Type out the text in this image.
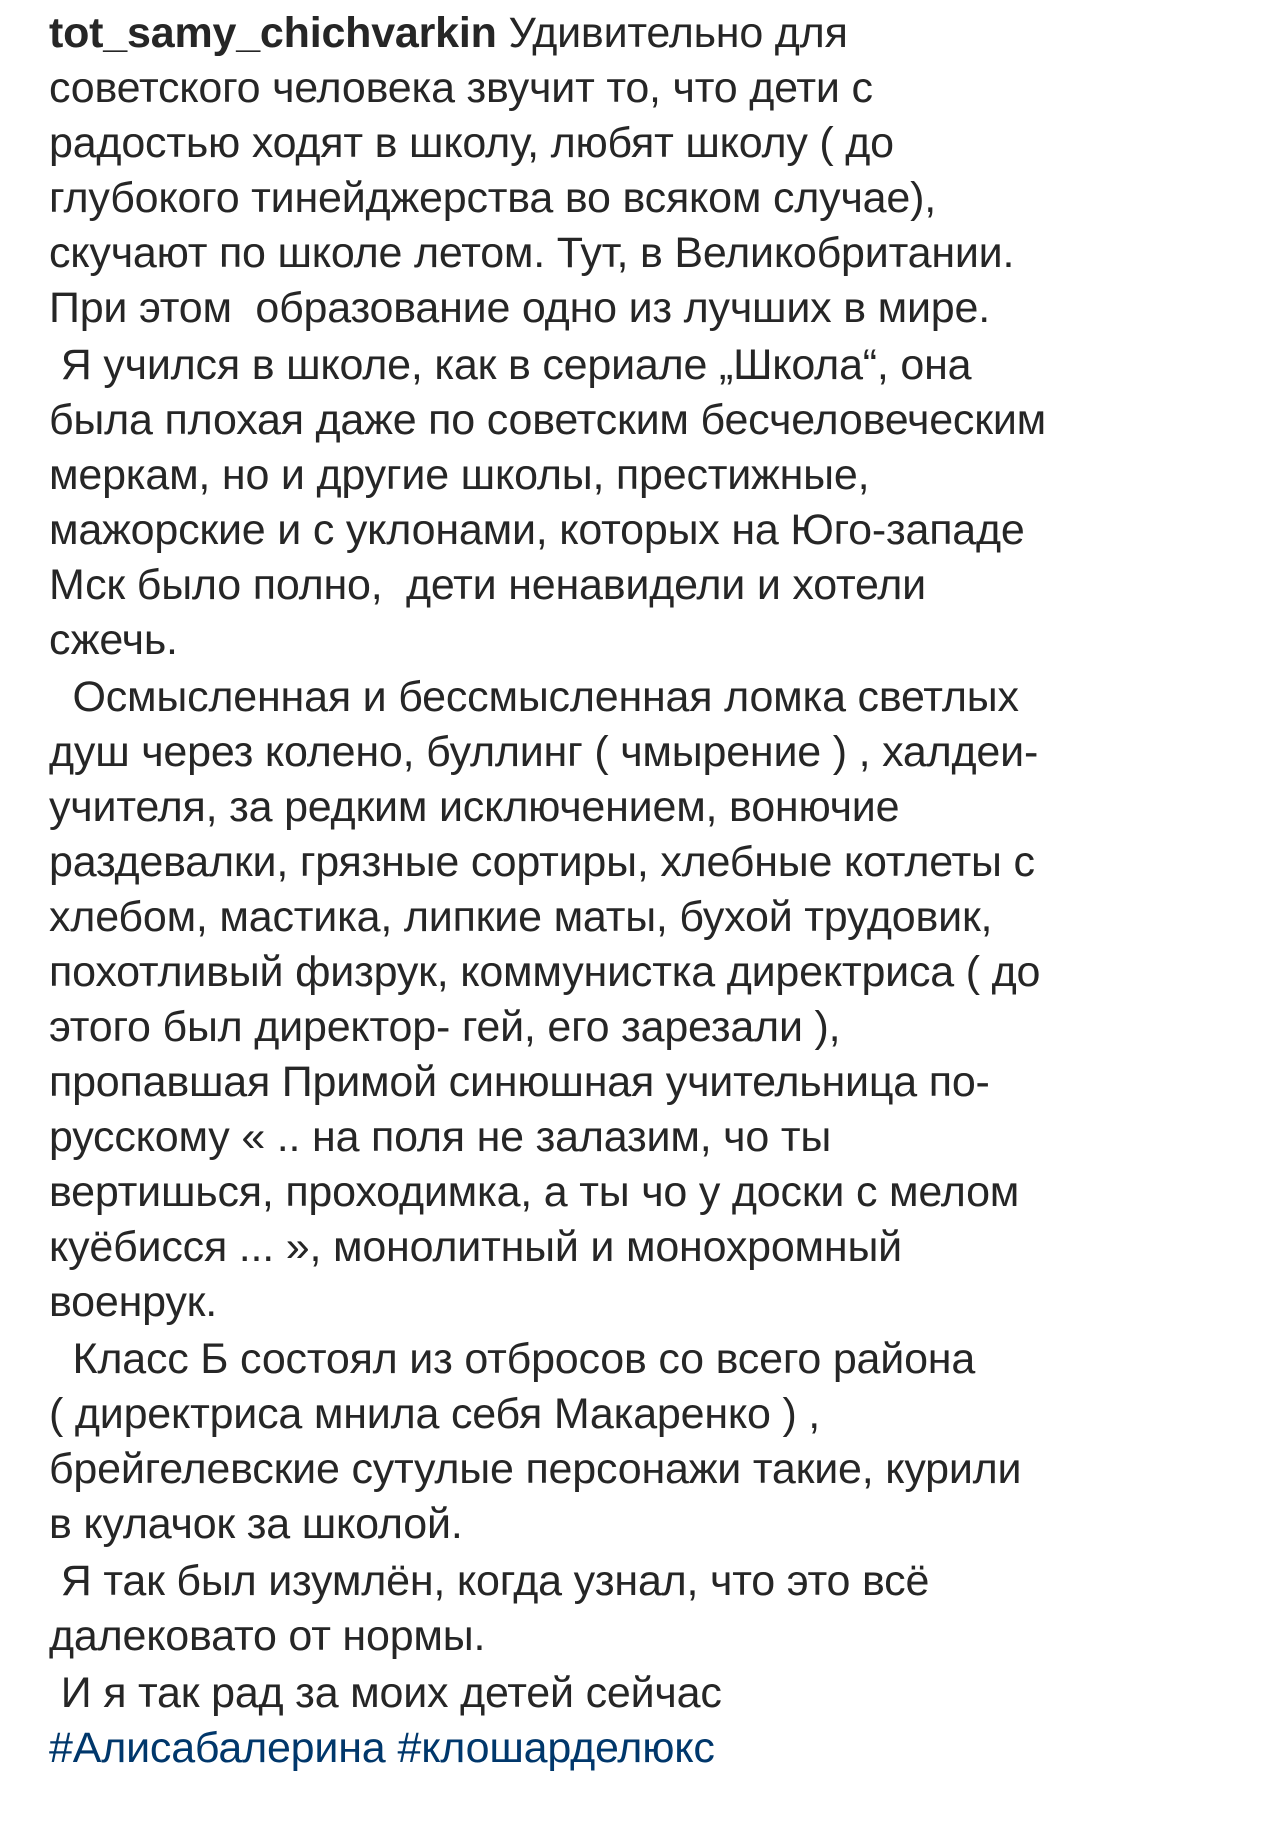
tot_samy_chichvarkin Удивительно для
советского человека звучит то, что дети с
радостью ходят в школу, любят школу ( до
глубокого тинейджерства во всяком случае),
скучают по школе летом. Тут, в Великобритании.
При этом  образование одно из лучших в мире.
Я учился в школе, как в сериале „Школа“, она
была плохая даже по советским бесчеловеческим
меркам, но и другие школы, престижные,
мажорские и с уклонами, которых на Юго-западе
Мск было полно,  дети ненавидели и хотели
сжечь.
Осмысленная и бессмысленная ломка светлых
душ через колено, буллинг ( чмырение ) , халдеи-
учителя, за редким исключением, вонючие
раздевалки, грязные сортиры, хлебные котлеты с
хлебом, мастика, липкие маты, бухой трудовик,
похотливый физрук, коммунистка директриса ( до
этого был директор- гей, его зарезали ),
пропавшая Примой синюшная учительница по-
русскому « .. на поля не залазим, чо ты
вертишься, проходимка, а ты чо у доски с мелом
куёбисся ... », монолитный и монохромный
военрук.
Класс Б состоял из отбросов со всего района
( директриса мнила себя Макаренко ) ,
брейгелевские сутулые персонажи такие, курили
в кулачок за школой.
Я так был изумлён, когда узнал, что это всё
далековато от нормы.
И я так рад за моих детей сейчас
#Алисабалерина #клошарделюкс
